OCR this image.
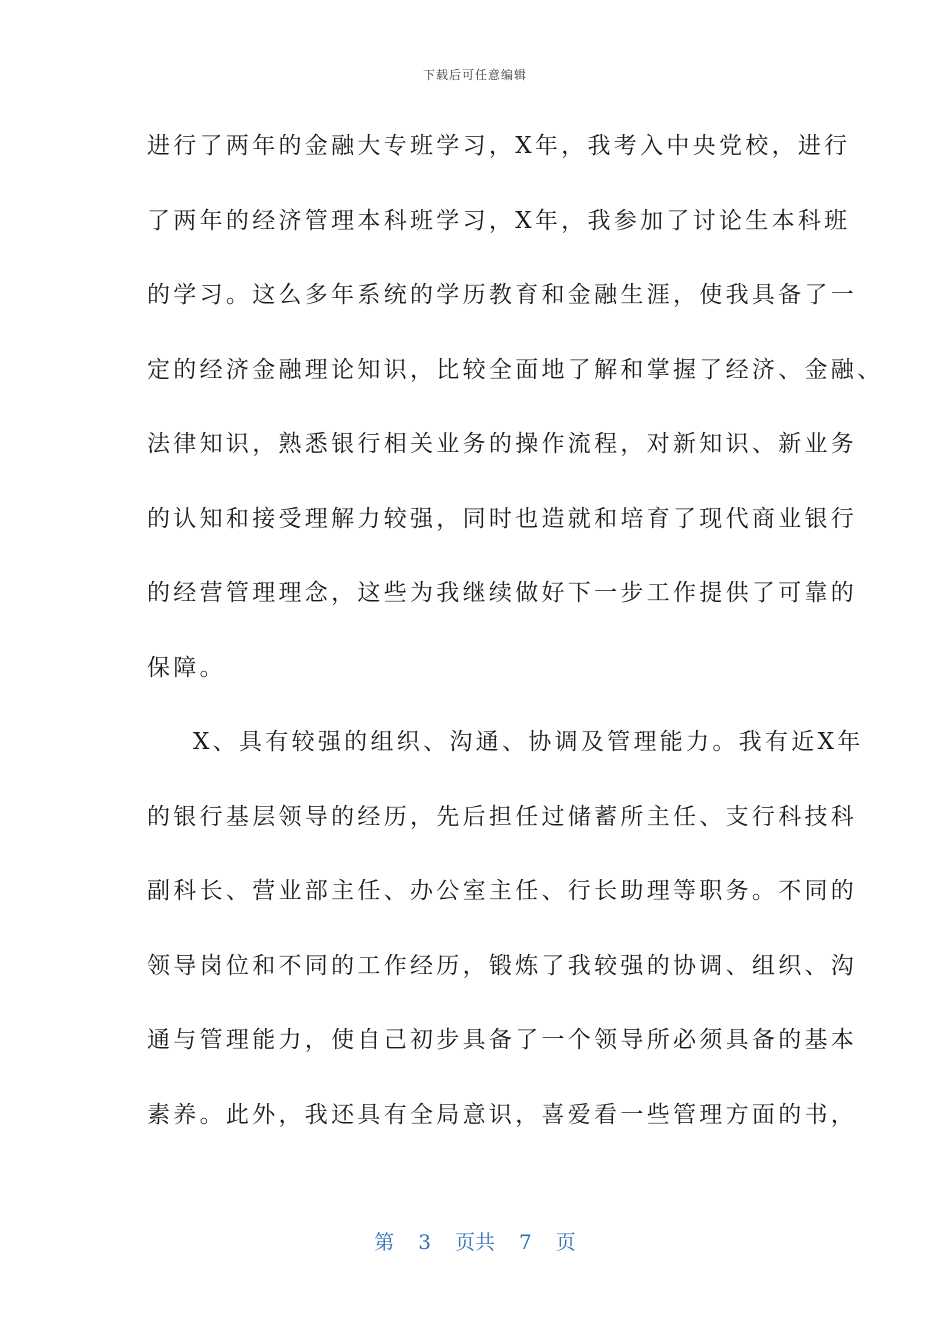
下载后可任意编辑
进行了两年的金融大专班学习，X年，我考入中央党校，进行
了两年的经济管理本科班学习，X年，我参加了讨论生本科班
的学习。这么多年系统的学历教育和金融生涯，使我具备了一
定的经济金融理论知识，比较全面地了解和掌握了经济、金融、
法律知识，熟悉银行相关业务的操作流程，对新知识、新业务
的认知和接受理解力较强，同时也造就和培育了现代商业银行
的经营管理理念，这些为我继续做好下一步工作提供了可靠的
保障。
X、具有较强的组织、沟通、协调及管理能力。我有近X年
的银行基层领导的经历，先后担任过储蓄所主任、支行科技科
副科长、营业部主任、办公室主任、行长助理等职务。不同的
领导岗位和不同的工作经历，锻炼了我较强的协调、组织、沟
通与管理能力，使自己初步具备了一个领导所必须具备的基本
素养。此外，我还具有全局意识，喜爱看一些管理方面的书，
第 3 页共 7 页
